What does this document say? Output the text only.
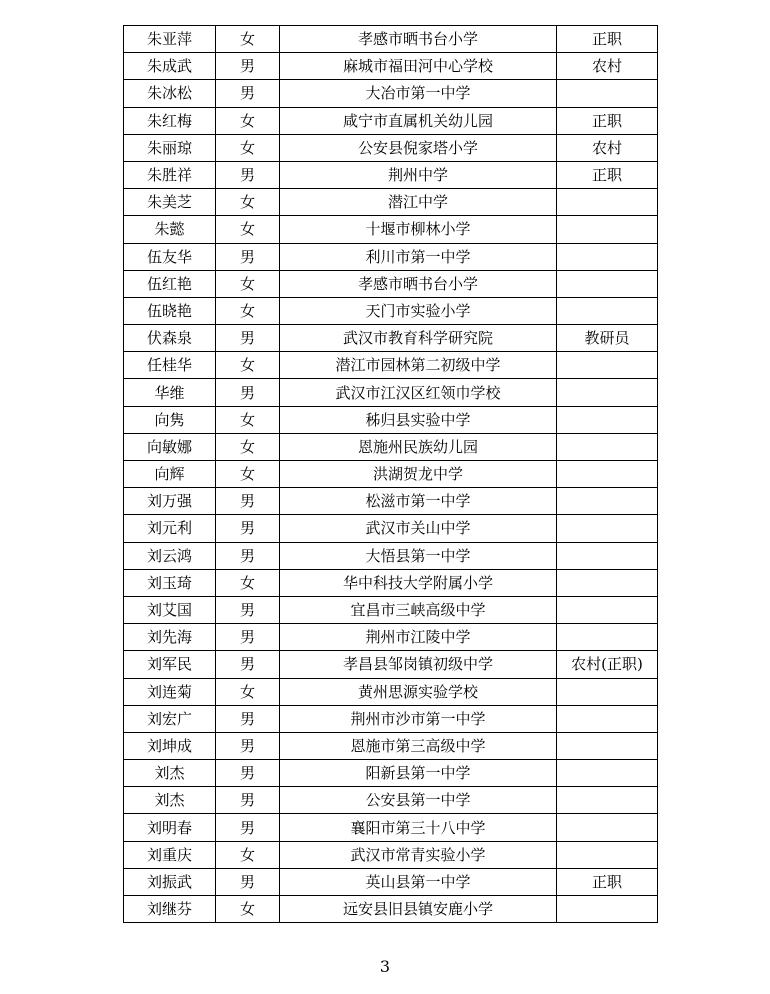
朱亚萍	女	孝感市晒书台小学	正职
朱成武	男	麻城市福田河中心学校	农村
朱冰松	男	大冶市第一中学	
朱红梅	女	咸宁市直属机关幼儿园	正职
朱丽琼	女	公安县倪家塔小学	农村
朱胜祥	男	荆州中学	正职
朱美芝	女	潜江中学	
朱懿	女	十堰市柳林小学	
伍友华	男	利川市第一中学	
伍红艳	女	孝感市晒书台小学	
伍晓艳	女	天门市实验小学	
伏森泉	男	武汉市教育科学研究院	教研员
任桂华	女	潜江市园林第二初级中学	
华维	男	武汉市江汉区红领巾学校	
向隽	女	秭归县实验中学	
向敏娜	女	恩施州民族幼儿园	
向辉	女	洪湖贺龙中学	
刘万强	男	松滋市第一中学	
刘元利	男	武汉市关山中学	
刘云鸿	男	大悟县第一中学	
刘玉琦	女	华中科技大学附属小学	
刘艾国	男	宜昌市三峡高级中学	
刘先海	男	荆州市江陵中学	
刘军民	男	孝昌县邹岗镇初级中学	农村(正职)
刘连菊	女	黄州思源实验学校	
刘宏广	男	荆州市沙市第一中学	
刘坤成	男	恩施市第三高级中学	
刘杰	男	阳新县第一中学	
刘杰	男	公安县第一中学	
刘明春	男	襄阳市第三十八中学	
刘重庆	女	武汉市常青实验小学	
刘振武	男	英山县第一中学	正职
刘继芬	女	远安县旧县镇安鹿小学	
3
